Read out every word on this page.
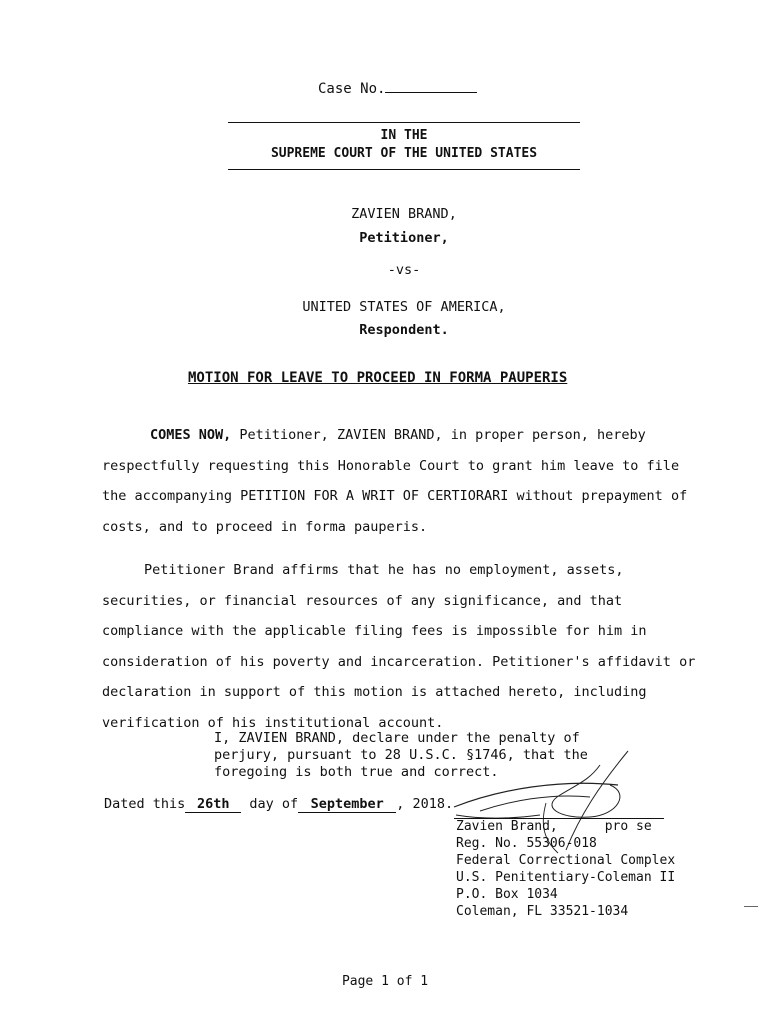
Case No.
IN THE
SUPREME COURT OF THE UNITED STATES
ZAVIEN BRAND,
Petitioner,
-vs-
UNITED STATES OF AMERICA,
Respondent.
MOTION FOR LEAVE TO PROCEED IN FORMA PAUPERIS
COMES NOW, Petitioner, ZAVIEN BRAND, in proper person, hereby respectfully requesting this Honorable Court to grant him leave to file the accompanying PETITION FOR A WRIT OF CERTIORARI without prepayment of costs, and to proceed in forma pauperis.
Petitioner Brand affirms that he has no employment, assets, securities, or financial resources of any significance, and that compliance with the applicable filing fees is impossible for him in consideration of his poverty and incarceration. Petitioner's affidavit or declaration in support of this motion is attached hereto, including verification of his institutional account.
I, ZAVIEN BRAND, declare under the penalty of
perjury, pursuant to 28 U.S.C. §1746, that the
foregoing is both true and correct.
Dated this 26th day of September , 2018.
Zavien Brand,      pro se
Reg. No. 55306-018
Federal Correctional Complex
U.S. Penitentiary-Coleman II
P.O. Box 1034
Coleman, FL 33521-1034
Page 1 of 1
